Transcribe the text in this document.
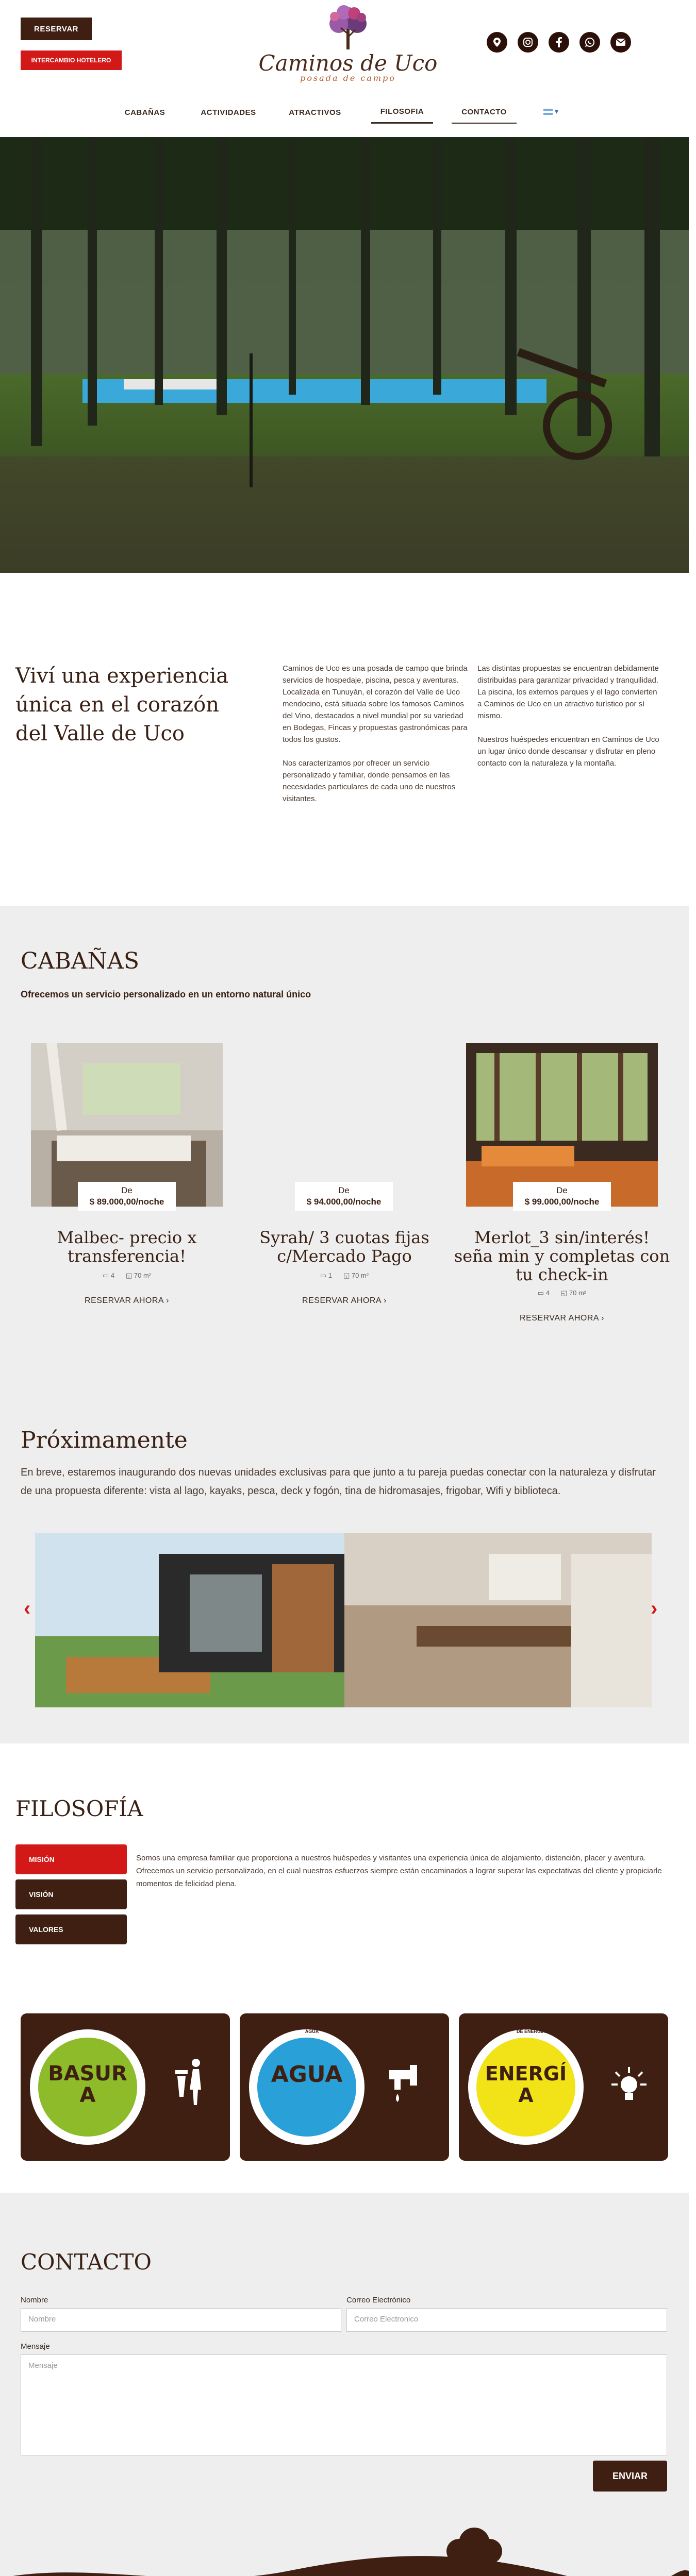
RESERVAR
INTERCAMBIO HOTELERO	Caminos de Uco
posada de campo
CABAÑAS	ACTIVIDADES	ATRACTIVOS	FILOSOFIA	CONTACTO	▾
Viví una experiencia única en el corazón del Valle de Uco

Caminos de Uco es una posada de campo que brinda servicios de hospedaje, piscina, pesca y aventuras. Localizada en Tunuyán, el corazón del Valle de Uco mendocino, está situada sobre los famosos Caminos del Vino, destacados a nivel mundial por su variedad en Bodegas, Fincas y propuestas gastronómicas para todos los gustos.

Nos caracterizamos por ofrecer un servicio personalizado y familiar, donde pensamos en las necesidades particulares de cada uno de nuestros visitantes.

Las distintas propuestas se encuentran debidamente distribuidas para garantizar privacidad y tranquilidad. La piscina, los externos parques y el lago convierten a Caminos de Uco en un atractivo turístico por sí mismo.

Nuestros huéspedes encuentran en Caminos de Uco un lugar único donde descansar y disfrutar en pleno contacto con la naturaleza y la montaña.

CABAÑAS
Ofrecemos un servicio personalizado en un entorno natural único
De
$ 89.000,00/noche
Malbec- precio x transferencia!
▭ 4 ◱ 70 m²
RESERVAR AHORA ›
De
$ 94.000,00/noche
Syrah/ 3 cuotas fijas c/Mercado Pago
▭ 1 ◱ 70 m²
RESERVAR AHORA ›
De
$ 99.000,00/noche
Merlot_3 sin/interés! seña min y completas con tu check-in
▭ 4 ◱ 70 m²
RESERVAR AHORA ›
Próximamente
En breve, estaremos inaugurando dos nuevas unidades exclusivas para que junto a tu pareja puedas conectar con la naturaleza y disfrutar de una propuesta diferente: vista al lago, kayaks, pesca, deck y fogón, tina de hidromasajes, frigobar, Wifi y biblioteca.
‹	›
FILOSOFÍA
MISIÓN
VISIÓN
VALORES
Somos una empresa familiar que proporciona a nuestros huéspedes y visitantes una experiencia única de alojamiento, distención, placer y aventura. Ofrecemos un servicio personalizado, en el cual nuestros esfuerzos siempre están encaminados a lograr superar las expectativas del cliente y propiciarle momentos de felicidad plena.
BASURA
POLÍTICA ORGANIZACIONAL DE BASURA CERO
AGUA
POLÍTICA ORGANIZACIONAL DE USO RACIONAL DEL AGUA
ENERGÍA
POLÍTICA ORGANIZACIONAL DE APROVECHAMIENTO DE ENERGÍA
CONTACTO
Nombre
Nombre
Correo Electrónico
Correo Electronico
Mensaje
Mensaje
ENVIAR
